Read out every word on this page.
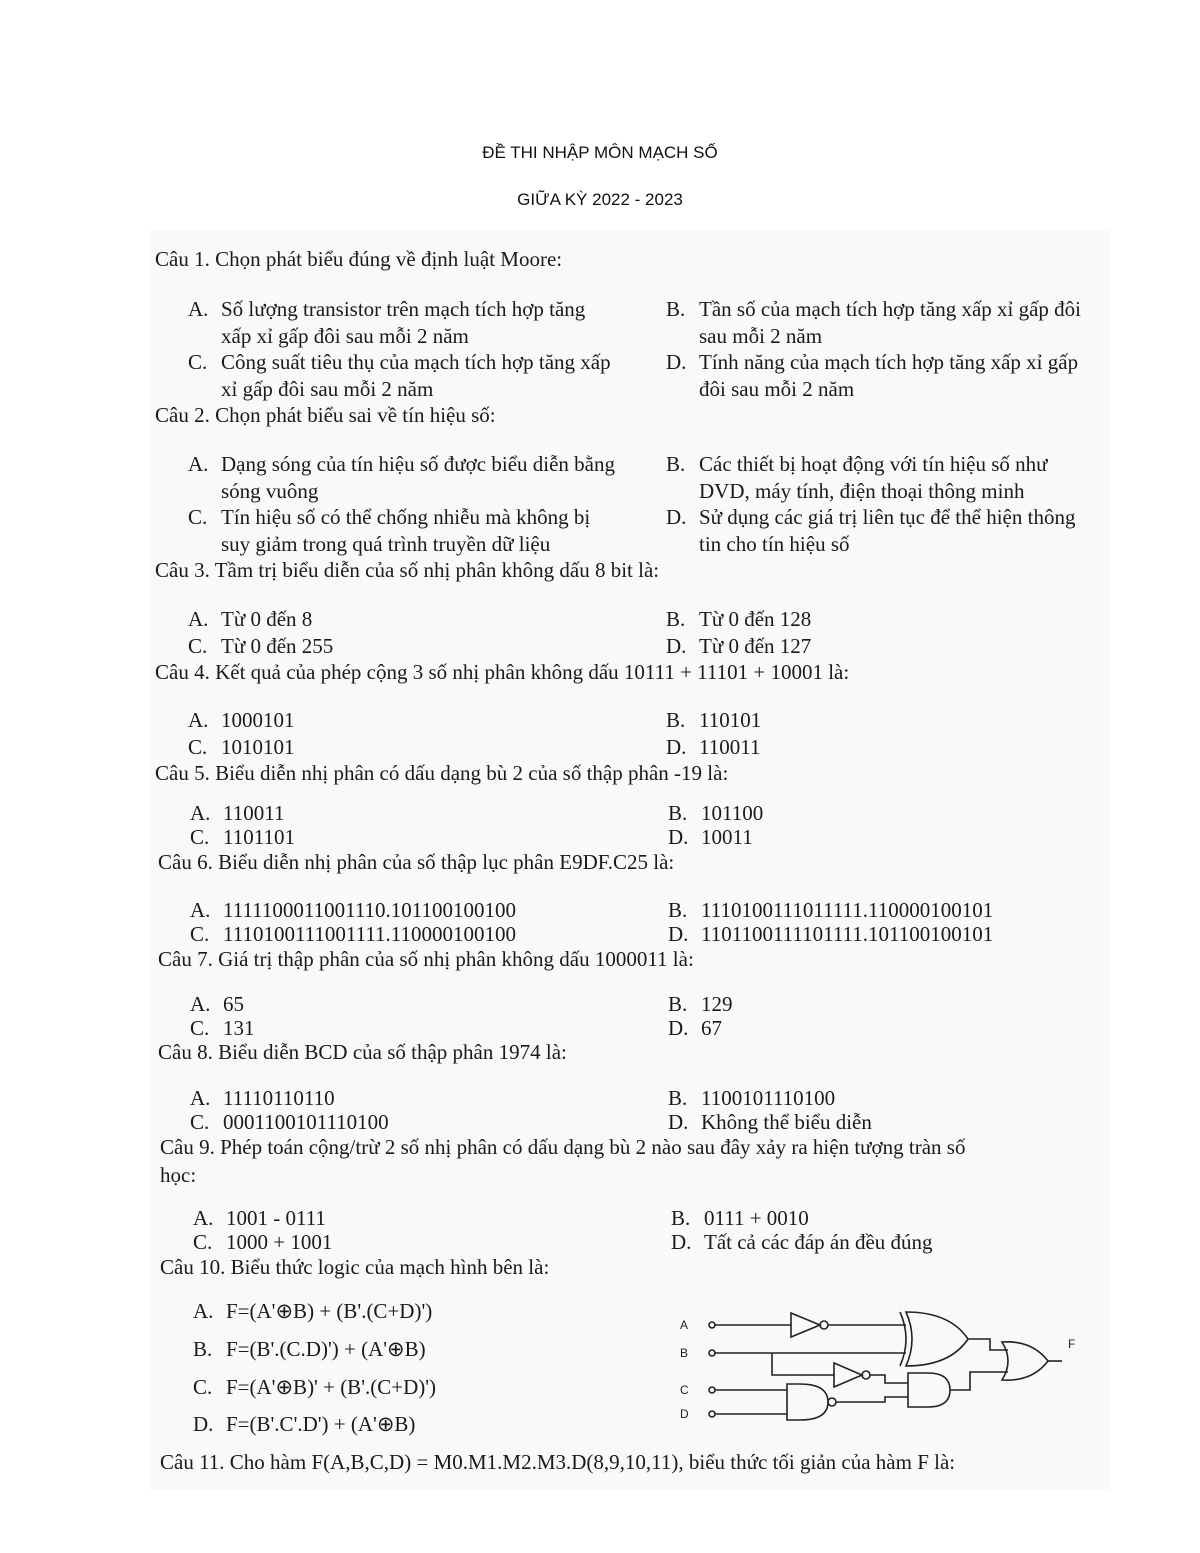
ĐỀ THI NHẬP MÔN MẠCH SỐ
GIỮA KỲ 2022 - 2023
Câu 1. Chọn phát biểu đúng về định luật Moore:
A. Số lượng transistor trên mạch tích hợp tăng xấp xỉ gấp đôi sau mỗi 2 năm
B. Tần số của mạch tích hợp tăng xấp xỉ gấp đôi sau mỗi 2 năm
C. Công suất tiêu thụ của mạch tích hợp tăng xấp xỉ gấp đôi sau mỗi 2 năm
D. Tính năng của mạch tích hợp tăng xấp xỉ gấp đôi sau mỗi 2 năm
Câu 2. Chọn phát biểu sai về tín hiệu số:
A. Dạng sóng của tín hiệu số được biểu diễn bằng sóng vuông
B. Các thiết bị hoạt động với tín hiệu số như DVD, máy tính, điện thoại thông minh
C. Tín hiệu số có thể chống nhiễu mà không bị suy giảm trong quá trình truyền dữ liệu
D. Sử dụng các giá trị liên tục để thể hiện thông tin cho tín hiệu số
Câu 3. Tầm trị biểu diễn của số nhị phân không dấu 8 bit là:
A. Từ 0 đến 8	B. Từ 0 đến 128
C. Từ 0 đến 255	D. Từ 0 đến 127
Câu 4. Kết quả của phép cộng 3 số nhị phân không dấu 10111 + 11101 + 10001 là:
A. 1000101	B. 110101
C. 1010101	D. 110011
Câu 5. Biểu diễn nhị phân có dấu dạng bù 2 của số thập phân -19 là:
A. 110011	B. 101100
C. 1101101	D. 10011
Câu 6. Biểu diễn nhị phân của số thập lục phân E9DF.C25 là:
A. 1111100011001110.101100100100	B. 1110100111011111.110000100101
C. 1110100111001111.110000100100	D. 1101100111101111.101100100101
Câu 7. Giá trị thập phân của số nhị phân không dấu 1000011 là:
A. 65	B. 129
C. 131	D. 67
Câu 8. Biểu diễn BCD của số thập phân 1974 là:
A. 11110110110	B. 1100101110100
C. 0001100101110100	D. Không thể biểu diễn
Câu 9. Phép toán cộng/trừ 2 số nhị phân có dấu dạng bù 2 nào sau đây xảy ra hiện tượng tràn số
học:
A. 1001 - 0111	B. 0111 + 0010
C. 1000 + 1001	D. Tất cả các đáp án đều đúng
Câu 10. Biểu thức logic của mạch hình bên là:
A. F=(A'⊕B) + (B'.(C+D)')
B. F=(B'.(C.D)') + (A'⊕B)
C. F=(A'⊕B)' + (B'.(C+D)')
D. F=(B'.C'.D') + (A'⊕B)
A
B
C
D
F
Câu 11. Cho hàm F(A,B,C,D) = M0.M1.M2.M3.D(8,9,10,11), biểu thức tối giản của hàm F là:
